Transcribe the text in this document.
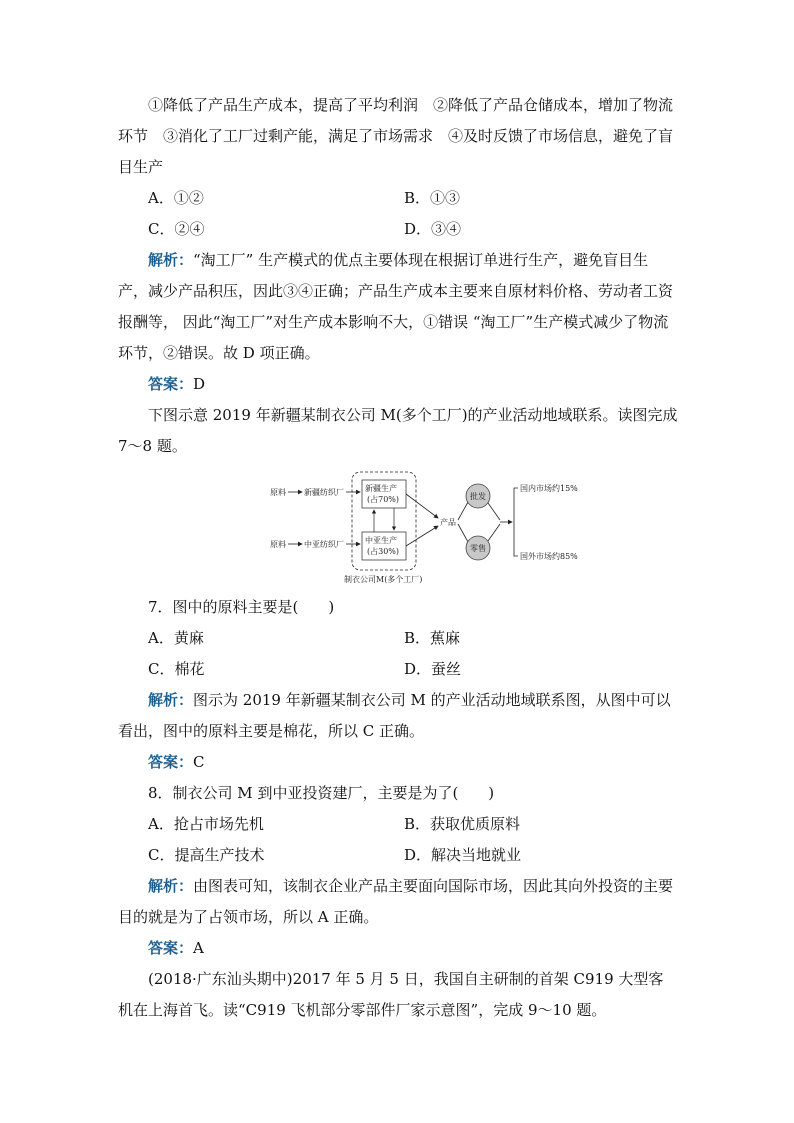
①降低了产品生产成本，提高了平均利润　②降低了产品仓储成本，增加了物流环节　③消化了工厂过剩产能，满足了市场需求　④及时反馈了市场信息，避免了盲目生产

A．①②	B．①③
C．②④	D．③④

解析：“淘工厂” 生产模式的优点主要体现在根据订单进行生产，避免盲目生产，减少产品积压，因此③④正确；产品生产成本主要来自原材料价格、劳动者工资报酬等， 因此“淘工厂”对生产成本影响不大，①错误 “淘工厂”生产模式减少了物流环节，②错误。故 D 项正确。

答案：D

下图示意 2019 年新疆某制衣公司 M(多个工厂)的产业活动地域联系。读图完成 7～8 题。

原料 新疆纺织厂	新疆生产
(占70%)
原料 中亚纺织厂	中亚生产
(占30%)
制衣公司M(多个工厂)
产品
批发
零售
国内市场约15%
国外市场约85%

7．图中的原料主要是(　　)

A．黄麻	B．蕉麻
C．棉花	D．蚕丝

解析：图示为 2019 年新疆某制衣公司 M 的产业活动地域联系图，从图中可以看出，图中的原料主要是棉花，所以 C 正确。

答案：C

8．制衣公司 M 到中亚投资建厂，主要是为了(　　)

A．抢占市场先机	B．获取优质原料
C．提高生产技术	D．解决当地就业

解析：由图表可知，该制衣企业产品主要面向国际市场，因此其向外投资的主要目的就是为了占领市场，所以 A 正确。

答案：A

(2018·广东汕头期中)2017 年 5 月 5 日，我国自主研制的首架 C919 大型客机在上海首飞。读“C919 飞机部分零部件厂家示意图”，完成 9～10 题。
